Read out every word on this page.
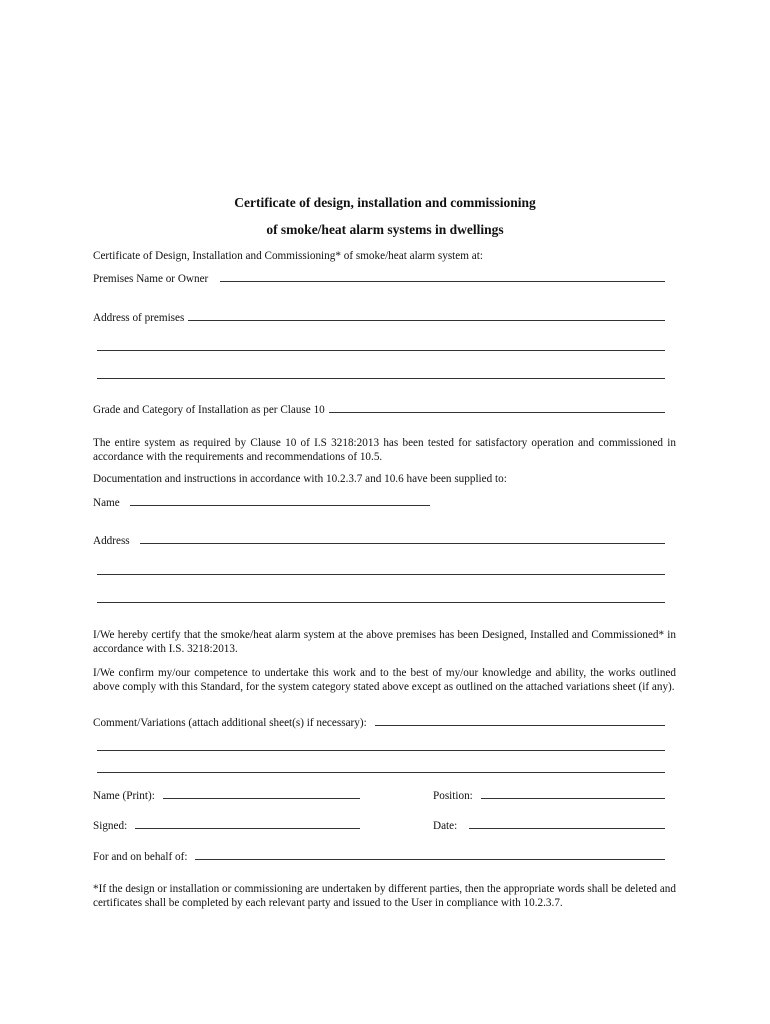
Certificate of design, installation and commissioning
of smoke/heat alarm systems in dwellings
Certificate of Design, Installation and Commissioning* of smoke/heat alarm system at:
Premises Name or Owner
Address of premises
Grade and Category of Installation as per Clause 10
The entire system as required by Clause 10 of I.S 3218:2013 has been tested for satisfactory operation and commissioned in accordance with the requirements and recommendations of 10.5.
Documentation and instructions in accordance with 10.2.3.7 and 10.6 have been supplied to:
Name
Address
I/We hereby certify that the smoke/heat alarm system at the above premises has been Designed, Installed and Commissioned* in accordance with I.S. 3218:2013.
I/We confirm my/our competence to undertake this work and to the best of my/our knowledge and ability, the works outlined above comply with this Standard, for the system category stated above except as outlined on the attached variations sheet (if any).
Comment/Variations (attach additional sheet(s) if necessary):
Name (Print):	Position:
Signed:	Date:
For and on behalf of:
*If the design or installation or commissioning are undertaken by different parties, then the appropriate words shall be deleted and certificates shall be completed by each relevant party and issued to the User in compliance with 10.2.3.7.
